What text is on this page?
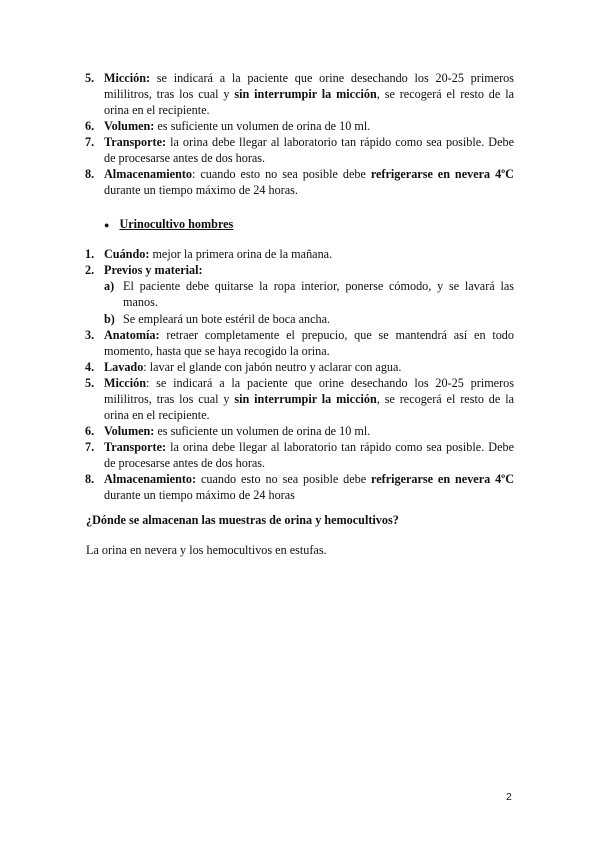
5. Micción: se indicará a la paciente que orine desechando los 20-25 primeros mililitros, tras los cual y sin interrumpir la micción, se recogerá el resto de la orina en el recipiente.
6. Volumen: es suficiente un volumen de orina de 10 ml.
7. Transporte: la orina debe llegar al laboratorio tan rápido como sea posible. Debe de procesarse antes de dos horas.
8. Almacenamiento: cuando esto no sea posible debe refrigerarse en nevera 4ºC durante un tiempo máximo de 24 horas.
● Urinocultivo hombres
1. Cuándo: mejor la primera orina de la mañana.
2. Previos y material:
a) El paciente debe quitarse la ropa interior, ponerse cómodo, y se lavará las manos.
b) Se empleará un bote estéril de boca ancha.
3. Anatomía: retraer completamente el prepucio, que se mantendrá así en todo momento, hasta que se haya recogido la orina.
4. Lavado: lavar el glande con jabón neutro y aclarar con agua.
5. Micción: se indicará a la paciente que orine desechando los 20-25 primeros mililitros, tras los cual y sin interrumpir la micción, se recogerá el resto de la orina en el recipiente.
6. Volumen: es suficiente un volumen de orina de 10 ml.
7. Transporte: la orina debe llegar al laboratorio tan rápido como sea posible. Debe de procesarse antes de dos horas.
8. Almacenamiento: cuando esto no sea posible debe refrigerarse en nevera 4ºC durante un tiempo máximo de 24 horas
¿Dónde se almacenan las muestras de orina y hemocultivos?
La orina en nevera y los hemocultivos en estufas.
2
